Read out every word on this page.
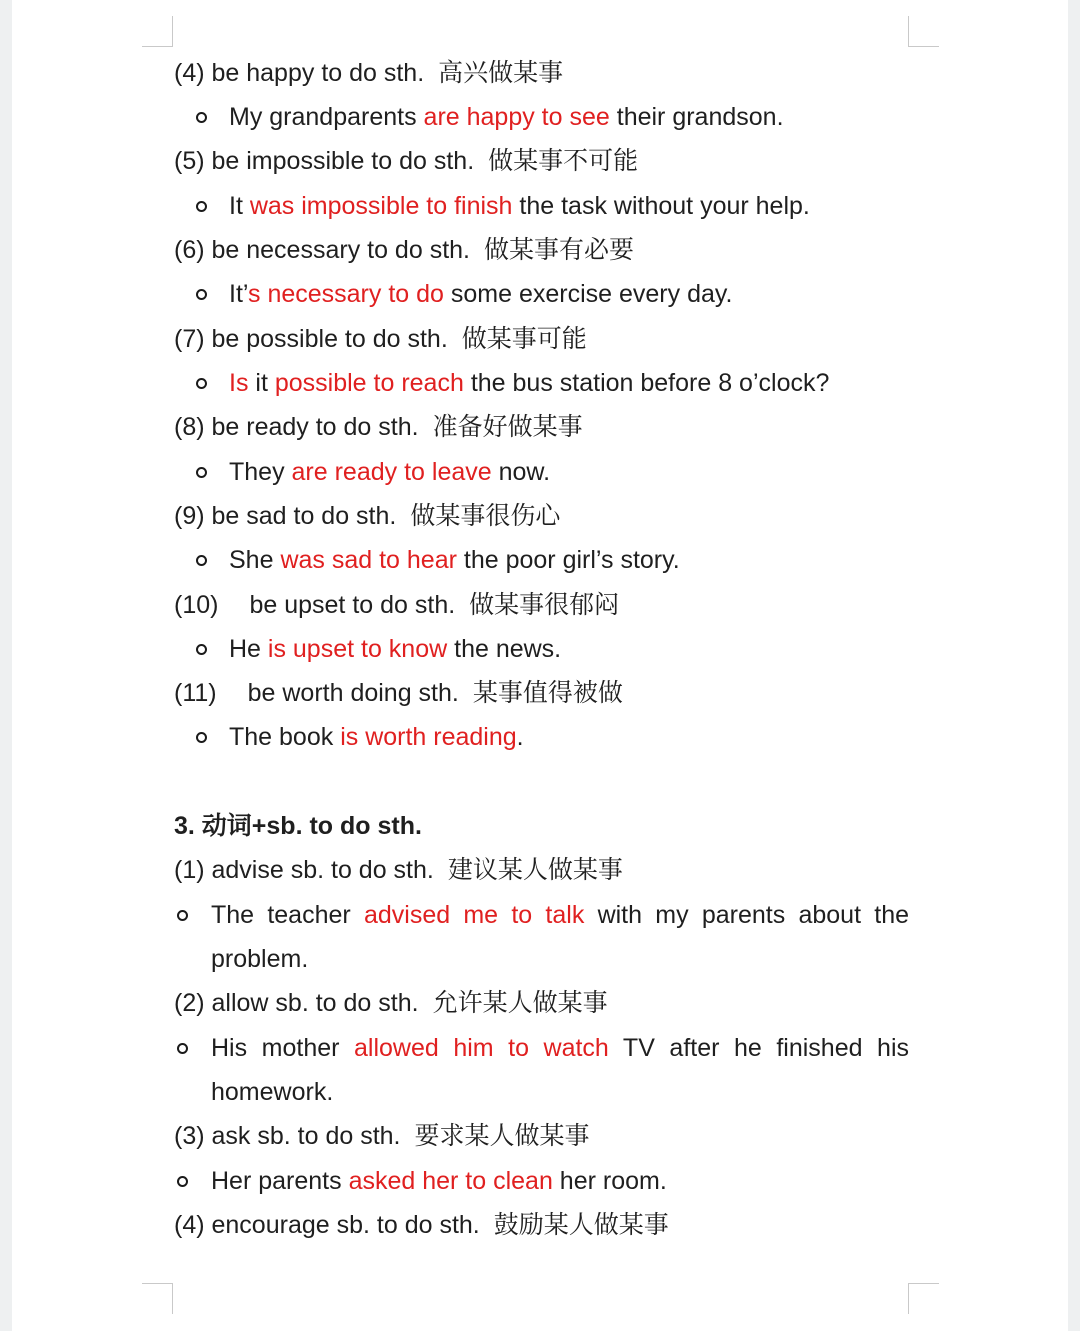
(4) be happy to do sth. 高兴做某事
My grandparents are happy to see their grandson.
(5) be impossible to do sth. 做某事不可能
It was impossible to finish the task without your help.
(6) be necessary to do sth. 做某事有必要
It’s necessary to do some exercise every day.
(7) be possible to do sth. 做某事可能
Is it possible to reach the bus station before 8 o’clock?
(8) be ready to do sth. 准备好做某事
They are ready to leave now.
(9) be sad to do sth. 做某事很伤心
She was sad to hear the poor girl’s story.
(10) be upset to do sth. 做某事很郁闷
He is upset to know the news.
(11) be worth doing sth. 某事值得被做
The book is worth reading.
3. 动词+sb. to do sth.
(1) advise sb. to do sth. 建议某人做某事
The teacher advised me to talk with my parents about the
problem.
(2) allow sb. to do sth. 允许某人做某事
His mother allowed him to watch TV after he finished his
homework.
(3) ask sb. to do sth. 要求某人做某事
Her parents asked her to clean her room.
(4) encourage sb. to do sth. 鼓励某人做某事
